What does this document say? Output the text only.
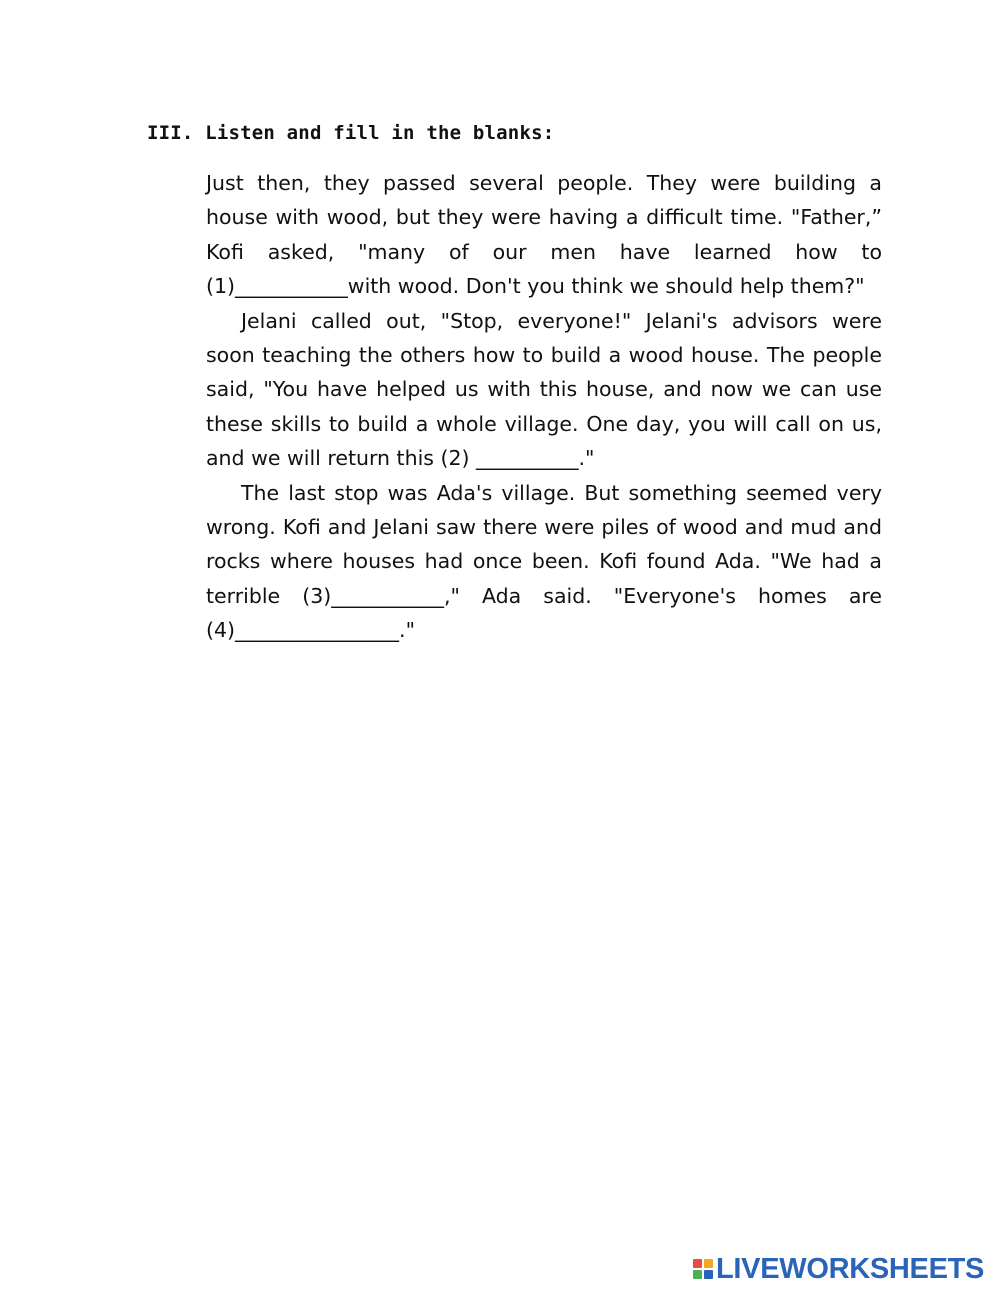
III. Listen and fill in the blanks:

Just then, they passed several people. They were building a house with wood, but they were having a difficult time. "Father,” Kofi asked, "many of our men have learned how to (1)___________with wood. Don't you think we should help them?"

Jelani called out, "Stop, everyone!" Jelani's advisors were soon teaching the others how to build a wood house. The people said, "You have helped us with this house, and now we can use these skills to build a whole village. One day, you will call on us, and we will return this (2) __________."

The last stop was Ada's village. But something seemed very wrong. Kofi and Jelani saw there were piles of wood and mud and rocks where houses had once been. Kofi found Ada. "We had a terrible (3)___________," Ada said. "Everyone's homes are (4)________________."

LIVEWORKSHEETS
